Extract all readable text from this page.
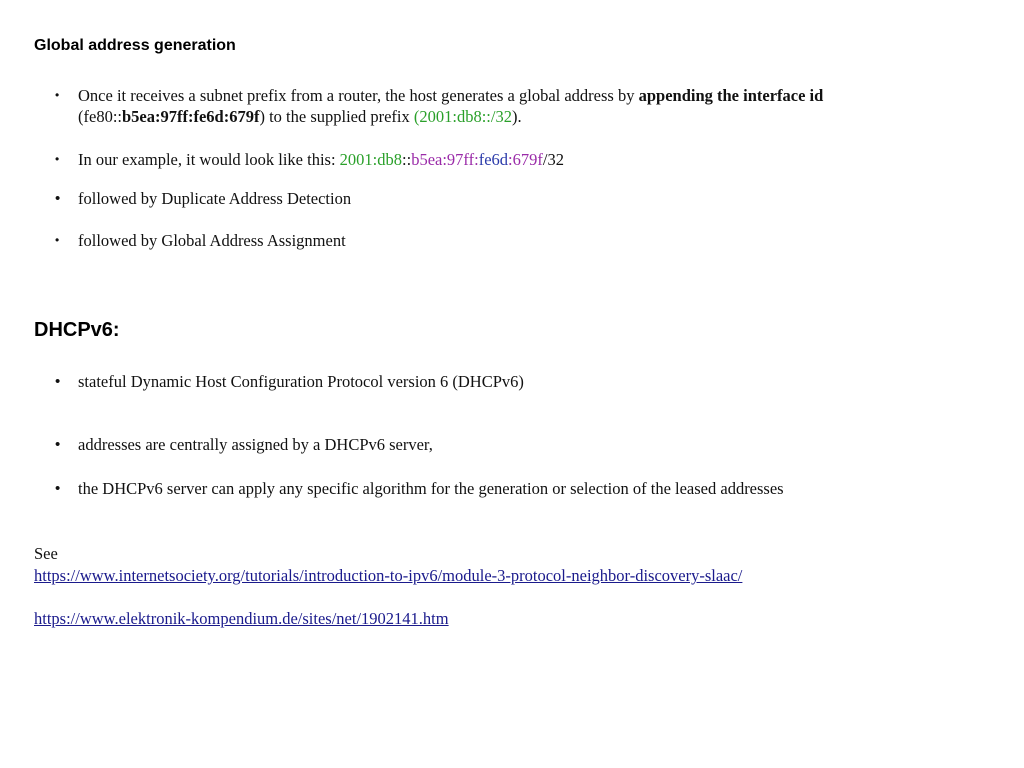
Global address generation
• Once it receives a subnet prefix from a router, the host generates a global address by appending the interface id (fe80::b5ea:97ff:fe6d:679f) to the supplied prefix (2001:db8::/32).
• In our example, it would look like this: 2001:db8::b5ea:97ff:fe6d:679f/32
• followed by Duplicate Address Detection
• followed by Global Address Assignment
DHCPv6:
• stateful Dynamic Host Configuration Protocol version 6 (DHCPv6)
• addresses are centrally assigned by a DHCPv6 server,
• the DHCPv6 server can apply any specific algorithm for the generation or selection of the leased addresses
See
https://www.internetsociety.org/tutorials/introduction-to-ipv6/module-3-protocol-neighbor-discovery-slaac/
https://www.elektronik-kompendium.de/sites/net/1902141.htm
